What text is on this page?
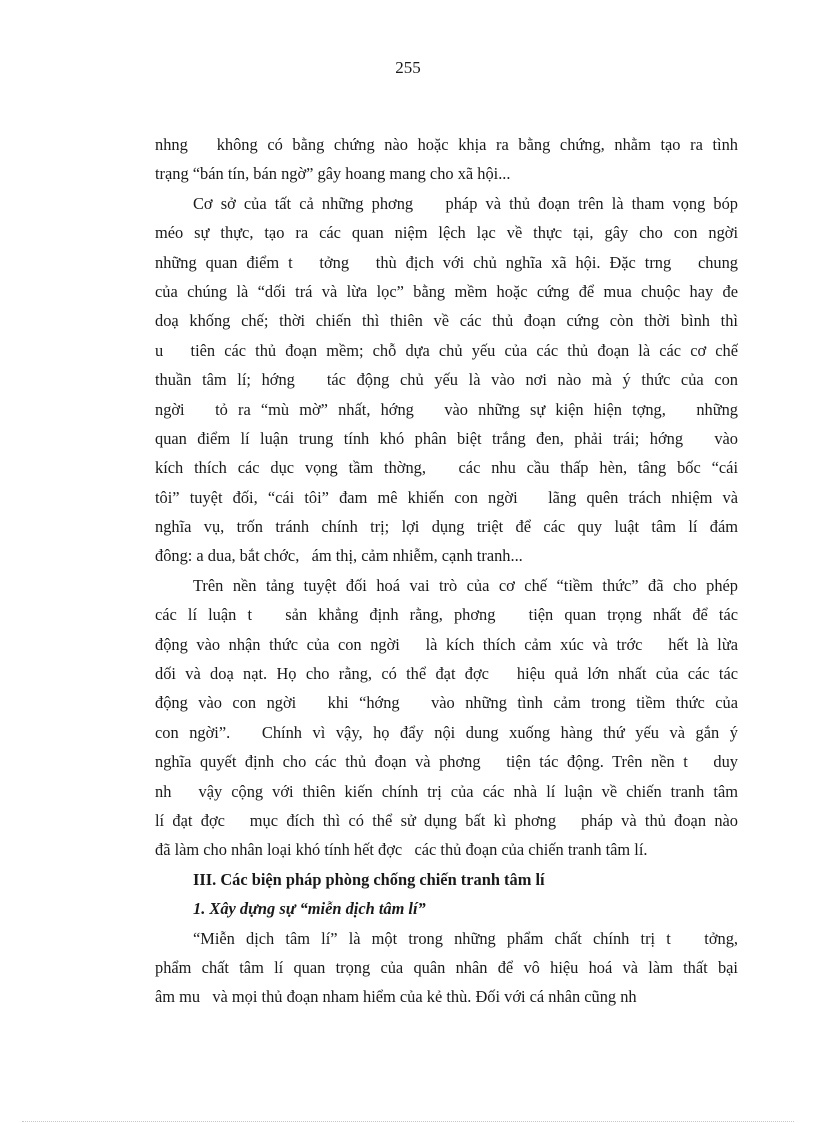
255
nhng   không có bằng chứng nào hoặc khịa ra bằng chứng, nhằm tạo ra tình
trạng “bán tín, bán ngờ” gây hoang mang cho xã hội...
Cơ sở của tất cả những phơng    pháp và thủ đoạn trên là tham vọng bóp
méo sự thực, tạo ra các quan niệm lệch lạc về thực tại, gây cho con ngời
những quan điểm t   tởng   thù địch với chủ nghĩa xã hội. Đặc trng   chung
của chúng là “dối trá và lừa lọc” bằng mềm hoặc cứng để mua chuộc hay đe
doạ khống chế; thời chiến thì thiên về các thủ đoạn cứng còn thời bình thì
u   tiên các thủ đoạn mềm; chỗ dựa chủ yếu của các thủ đoạn là các cơ chế
thuần tâm lí; hớng   tác động chủ yếu là vào nơi nào mà ý thức của con
ngời   tỏ ra “mù mờ” nhất, hớng   vào những sự kiện hiện tợng,   những
quan điểm lí luận trung tính khó phân biệt trắng đen, phải trái; hớng   vào
kích thích các dục vọng tầm thờng,   các nhu cầu thấp hèn, tâng bốc “cái
tôi” tuyệt đối, “cái tôi” đam mê khiến con ngời   lãng quên trách nhiệm và
nghĩa vụ, trốn tránh chính trị; lợi dụng triệt để các quy luật tâm lí đám
đông: a dua, bắt chớc,   ám thị, cảm nhiễm, cạnh tranh...
Trên nền tảng tuyệt đối hoá vai trò của cơ chế “tiềm thức” đã cho phép
các lí luận t   sản khẳng định rằng, phơng   tiện quan trọng nhất để tác
động vào nhận thức của con ngời   là kích thích cảm xúc và trớc   hết là lừa
dối và doạ nạt. Họ cho rằng, có thể đạt đợc   hiệu quả lớn nhất của các tác
động vào con ngời   khi “hớng   vào những tình cảm trong tiềm thức của
con ngời”.   Chính vì vậy, họ đẩy nội dung xuống hàng thứ yếu và gắn ý
nghĩa quyết định cho các thủ đoạn và phơng   tiện tác động. Trên nền t   duy
nh   vậy cộng với thiên kiến chính trị của các nhà lí luận về chiến tranh tâm
lí đạt đợc   mục đích thì có thể sử dụng bất kì phơng   pháp và thủ đoạn nào
đã làm cho nhân loại khó tính hết đợc   các thủ đoạn của chiến tranh tâm lí.
III. Các biện pháp phòng chống chiến tranh tâm lí
1. Xây dựng sự “miễn dịch tâm lí”
“Miễn dịch tâm lí” là một trong những phẩm chất chính trị t   tởng,
phẩm chất tâm lí quan trọng của quân nhân để vô hiệu hoá và làm thất bại
âm mu   và mọi thủ đoạn nham hiểm của kẻ thù. Đối với cá nhân cũng nh
